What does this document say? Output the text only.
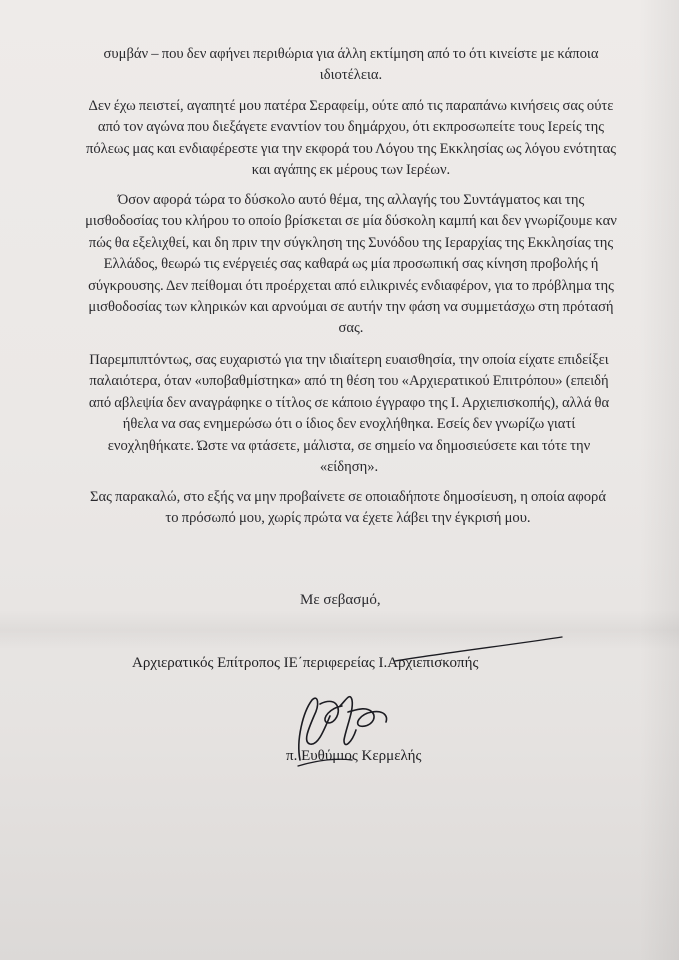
συμβάν – που δεν αφήνει περιθώρια για άλλη εκτίμηση από το ότι κινείστε με κάποια ιδιοτέλεια.

Δεν έχω πειστεί, αγαπητέ μου πατέρα Σεραφείμ, ούτε από τις παραπάνω κινήσεις σας ούτε από τον αγώνα που διεξάγετε εναντίον του δημάρχου, ότι εκπροσωπείτε τους Ιερείς της πόλεως μας και ενδιαφέρεστε για την εκφορά του Λόγου της Εκκλησίας ως λόγου ενότητας και αγάπης εκ μέρους των Ιερέων.

Όσον αφορά τώρα το δύσκολο αυτό θέμα, της αλλαγής του Συντάγματος και της μισθοδοσίας του κλήρου το οποίο βρίσκεται σε μία δύσκολη καμπή και δεν γνωρίζουμε καν πώς θα εξελιχθεί, και δη πριν την σύγκληση της Συνόδου της Ιεραρχίας της Εκκλησίας της Ελλάδος, θεωρώ τις ενέργειές σας καθαρά ως μία προσωπική σας κίνηση προβολής ή σύγκρουσης. Δεν πείθομαι ότι προέρχεται από ειλικρινές ενδιαφέρον, για το πρόβλημα της μισθοδοσίας των κληρικών και αρνούμαι σε αυτήν την φάση να συμμετάσχω στη πρότασή σας.

Παρεμπιπτόντως, σας ευχαριστώ για την ιδιαίτερη ευαισθησία, την οποία είχατε επιδείξει παλαιότερα, όταν «υποβαθμίστηκα» από τη θέση του «Αρχιερατικού Επιτρόπου» (επειδή από αβλεψία δεν αναγράφηκε ο τίτλος σε κάποιο έγγραφο της Ι. Αρχιεπισκοπής), αλλά θα ήθελα να σας ενημερώσω ότι ο ίδιος δεν ενοχλήθηκα. Εσείς δεν γνωρίζω γιατί ενοχληθήκατε. Ώστε να φτάσετε, μάλιστα, σε σημείο να δημοσιεύσετε και τότε την «είδηση».

Σας παρακαλώ, στο εξής να μην προβαίνετε σε οποιαδήποτε δημοσίευση, η οποία αφορά το πρόσωπό μου, χωρίς πρώτα να έχετε λάβει την έγκρισή μου.

Με σεβασμό,
Αρχιερατικός Επίτροπος ΙΕ΄περιφερείας Ι.Αρχιεπισκοπής
π. Ευθύμιος Κερμελής
